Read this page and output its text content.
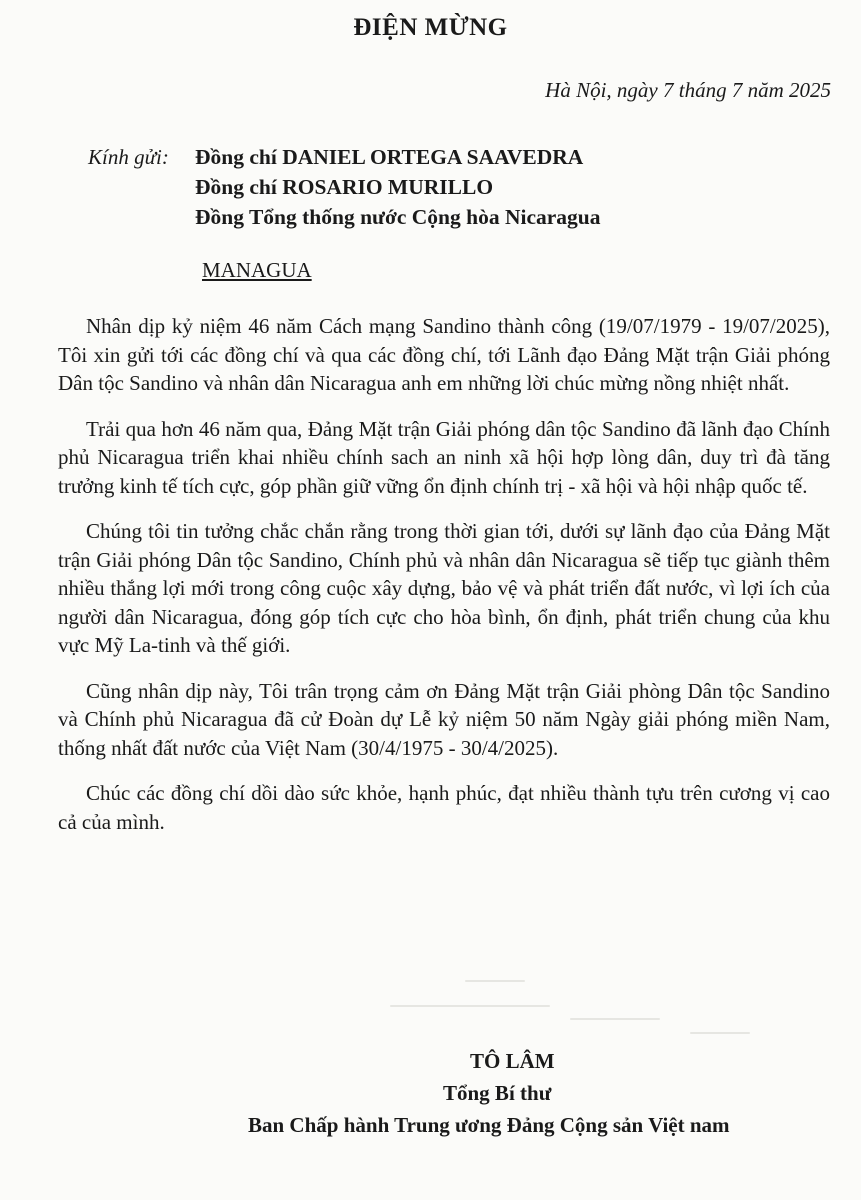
ĐIỆN MỪNG
Hà Nội, ngày 7 tháng 7 năm 2025
Kính gửi: Đồng chí DANIEL ORTEGA SAAVEDRA
Đồng chí ROSARIO MURILLO
Đồng Tổng thống nước Cộng hòa Nicaragua
MANAGUA

Nhân dịp kỷ niệm 46 năm Cách mạng Sandino thành công (19/07/1979 - 19/07/2025), Tôi xin gửi tới các đồng chí và qua các đồng chí, tới Lãnh đạo Đảng Mặt trận Giải phóng Dân tộc Sandino và nhân dân Nicaragua anh em những lời chúc mừng nồng nhiệt nhất.

Trải qua hơn 46 năm qua, Đảng Mặt trận Giải phóng dân tộc Sandino đã lãnh đạo Chính phủ Nicaragua triển khai nhiều chính sach an ninh xã hội hợp lòng dân, duy trì đà tăng trưởng kinh tế tích cực, góp phần giữ vững ổn định chính trị - xã hội và hội nhập quốc tế.

Chúng tôi tin tưởng chắc chắn rằng trong thời gian tới, dưới sự lãnh đạo của Đảng Mặt trận Giải phóng Dân tộc Sandino, Chính phủ và nhân dân Nicaragua sẽ tiếp tục giành thêm nhiều thắng lợi mới trong công cuộc xây dựng, bảo vệ và phát triển đất nước, vì lợi ích của người dân Nicaragua, đóng góp tích cực cho hòa bình, ổn định, phát triển chung của khu vực Mỹ La-tinh và thế giới.

Cũng nhân dịp này, Tôi trân trọng cảm ơn Đảng Mặt trận Giải phòng Dân tộc Sandino và Chính phủ Nicaragua đã cử Đoàn dự Lễ kỷ niệm 50 năm Ngày giải phóng miền Nam, thống nhất đất nước của Việt Nam (30/4/1975 - 30/4/2025).

Chúc các đồng chí dồi dào sức khỏe, hạnh phúc, đạt nhiều thành tựu trên cương vị cao cả của mình.

TÔ LÂM
Tổng Bí thư
Ban Chấp hành Trung ương Đảng Cộng sản Việt nam
